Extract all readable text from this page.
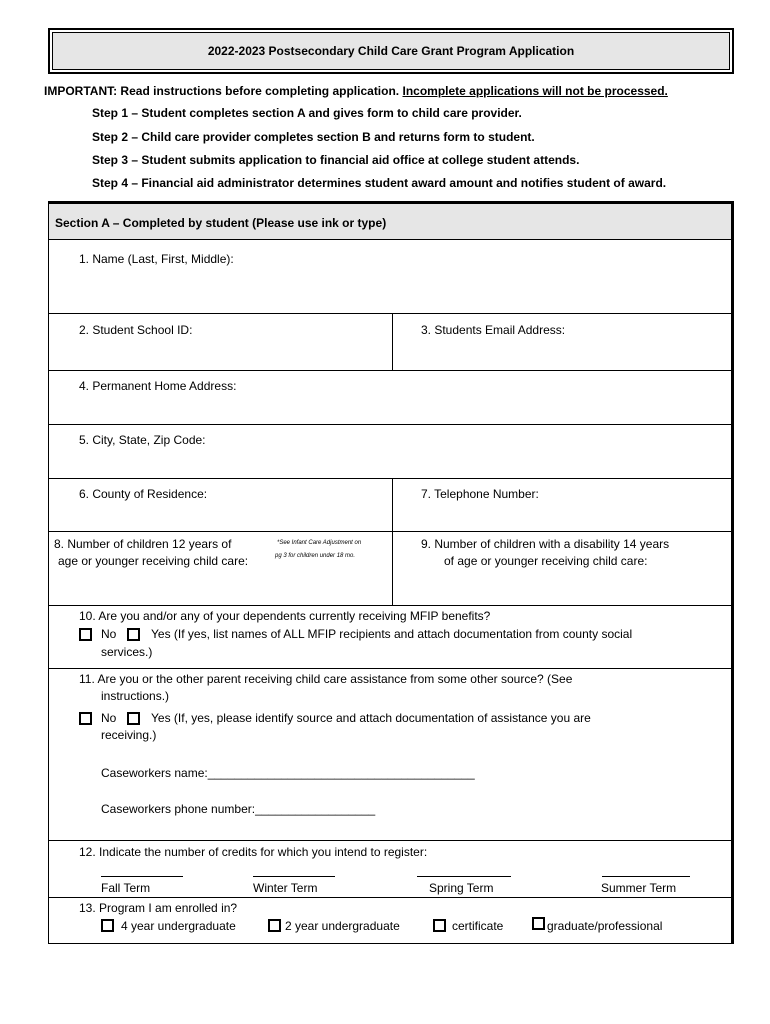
2022-2023 Postsecondary Child Care Grant Program Application
IMPORTANT: Read instructions before completing application. Incomplete applications will not be processed.
Step 1 – Student completes section A and gives form to child care provider.
Step 2 – Child care provider completes section B and returns form to student.
Step 3 – Student submits application to financial aid office at college student attends.
Step 4 – Financial aid administrator determines student award amount and notifies student of award.
Section A – Completed by student (Please use ink or type)
1. Name (Last, First, Middle):
2. Student School ID:	3. Students Email Address:
4. Permanent Home Address:
5. City, State, Zip Code:
6. County of Residence:	7. Telephone Number:
8. Number of children 12 years of
age or younger receiving child care:
*See Infant Care Adjustment on
pg 3 for children under 18 mo.
9. Number of children with a disability 14 years
of age or younger receiving child care:
10. Are you and/or any of your dependents currently receiving MFIP benefits?
No	Yes (If yes, list names of ALL MFIP recipients and attach documentation from county social
services.)
11. Are you or the other parent receiving child care assistance from some other source? (See
instructions.)
No	Yes (If, yes, please identify source and attach documentation of assistance you are
receiving.)
Caseworkers name:________________________________________
Caseworkers phone number:__________________
12. Indicate the number of credits for which you intend to register:
Fall Term	Winter Term	Spring Term	Summer Term
13. Program I am enrolled in?
4 year undergraduate	2 year undergraduate	certificate	graduate/professional
